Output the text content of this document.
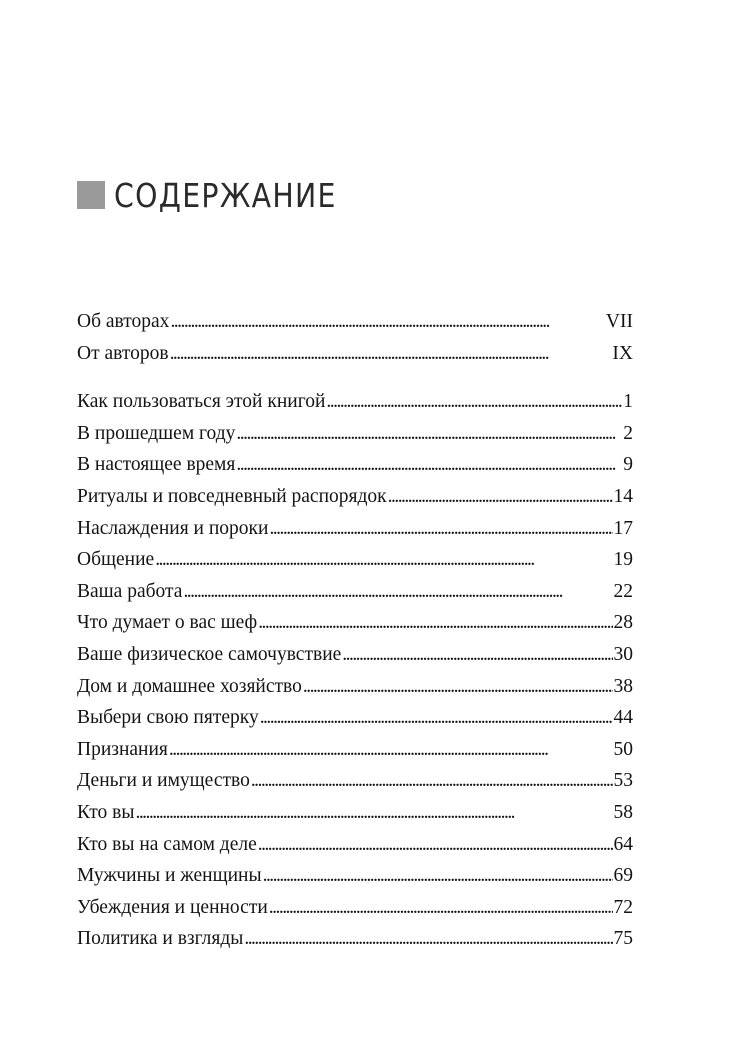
СОДЕРЖАНИЕ
Об авторах . . .	VII
От авторов . . .	IX
Как пользоваться этой книгой . . .	1
В прошедшем году . . .	2
В настоящее время . . .	9
Ритуалы и повседневный распорядок . . .	14
Наслаждения и пороки . . .	17
Общение . . .	19
Ваша работа . . .	22
Что думает о вас шеф . . .	28
Ваше физическое самочувствие . . .	30
Дом и домашнее хозяйство . . .	38
Выбери свою пятерку . . .	44
Признания . . .	50
Деньги и имущество . . .	53
Кто вы . . .	58
Кто вы на самом деле . . .	64
Мужчины и женщины . . .	69
Убеждения и ценности . . .	72
Политика и взгляды . . .	75
